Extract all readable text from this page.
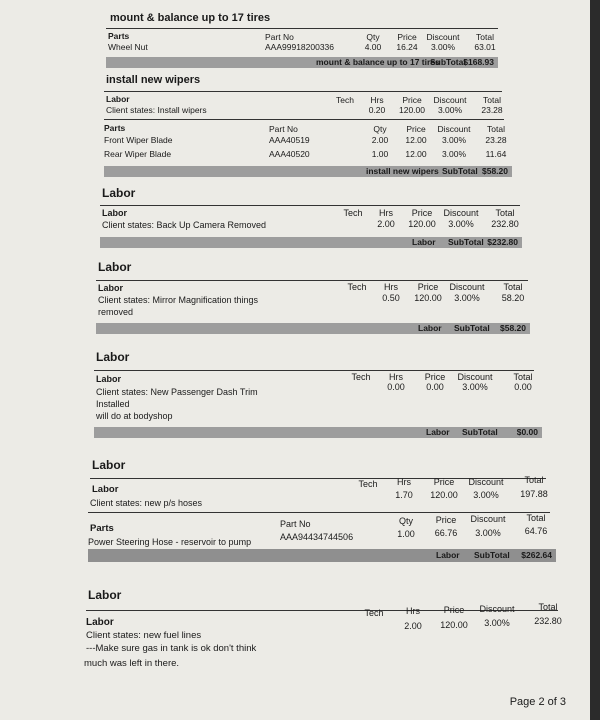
mount & balance up to 17 tires
Parts	Part No	Qty	Price	Discount	Total
Wheel Nut	AAA99918200336	4.00	16.24	3.00%	63.01
mount & balance up to 17 tires
SubTotal
$168.93
install new wipers
Labor	Tech	Hrs	Price	Discount	Total
Client states: Install wipers	0.20	120.00	3.00%	23.28
Parts	Part No	Qty	Price	Discount	Total
Front Wiper Blade	AAA40519	2.00	12.00	3.00%	23.28
Rear Wiper Blade	AAA40520	1.00	12.00	3.00%	11.64
install new wipers SubTotal $58.20
Labor
Labor	Tech	Hrs	Price	Discount	Total
Client states: Back Up Camera Removed	2.00	120.00	3.00%	232.80
Labor SubTotal $232.80
Labor
Labor	Tech	Hrs	Price	Discount	Total
Client states: Mirror Magnification things
removed
0.50	120.00	3.00%	58.20
Labor SubTotal $58.20
Labor
Labor	Tech	Hrs	Price	Discount	Total
Client states: New Passenger Dash Trim
Installed
will do at bodyshop
0.00	0.00	3.00%	0.00
Labor SubTotal $0.00
Labor
Labor	Tech	Hrs	Price	Discount	Total
Client states: new p/s hoses
1.70	120.00	3.00%	197.88
Parts	Part No	Qty	Price	Discount	Total
Power Steering Hose - reservoir to pump	AAA94434744506	1.00	66.76	3.00%	64.76
Labor SubTotal $262.64
Labor
Labor
Tech	Hrs	Price	Discount	Total
Client states: new fuel lines
---Make sure gas in tank is ok don't think
much was left in there.
2.00	120.00	3.00%	232.80
Page 2 of 3
